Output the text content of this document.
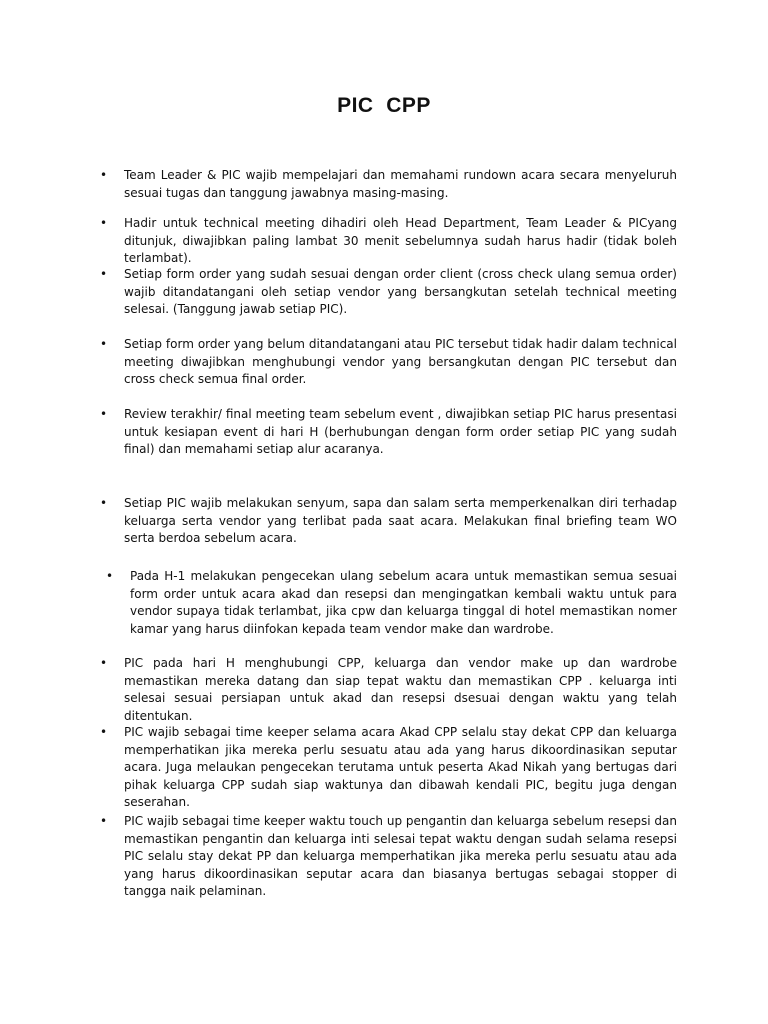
PIC  CPP
• Team Leader & PIC wajib mempelajari dan memahami rundown acara secara menyeluruh sesuai tugas dan tanggung jawabnya masing-masing.
• Hadir untuk technical meeting dihadiri oleh Head Department, Team Leader & PICyang ditunjuk, diwajibkan paling lambat 30 menit sebelumnya sudah harus hadir (tidak boleh terlambat).
• Setiap form order yang sudah sesuai dengan order client (cross check ulang semua order) wajib ditandatangani oleh setiap vendor yang bersangkutan setelah technical meeting selesai. (Tanggung jawab setiap PIC).
• Setiap form order yang belum ditandatangani atau PIC tersebut tidak hadir dalam technical meeting diwajibkan menghubungi vendor yang bersangkutan dengan PIC tersebut dan cross check semua final order.
• Review terakhir/ final meeting team sebelum event , diwajibkan setiap PIC harus presentasi untuk kesiapan event di hari H (berhubungan dengan form order setiap PIC yang sudah final) dan memahami setiap alur acaranya.
• Setiap PIC wajib melakukan senyum, sapa dan salam serta memperkenalkan diri terhadap keluarga serta vendor yang terlibat pada saat acara. Melakukan final briefing team WO serta berdoa sebelum acara.
• Pada H-1 melakukan pengecekan ulang sebelum acara untuk memastikan semua sesuai form order untuk acara akad dan resepsi dan mengingatkan kembali waktu untuk para vendor supaya tidak terlambat, jika cpw dan keluarga tinggal di hotel memastikan nomer kamar yang harus diinfokan kepada team vendor make dan wardrobe.
• PIC pada hari H menghubungi CPP, keluarga dan vendor make up dan wardrobe memastikan mereka datang dan siap tepat waktu dan memastikan CPP . keluarga inti selesai sesuai persiapan untuk akad dan resepsi dsesuai dengan waktu yang telah ditentukan.
• PIC wajib sebagai time keeper selama acara Akad CPP selalu stay dekat CPP dan keluarga memperhatikan jika mereka perlu sesuatu atau ada yang harus dikoordinasikan seputar acara. Juga melaukan pengecekan terutama untuk peserta Akad Nikah yang bertugas dari pihak keluarga CPP sudah siap waktunya dan dibawah kendali PIC, begitu juga dengan seserahan.
• PIC wajib sebagai time keeper waktu touch up pengantin dan keluarga sebelum resepsi dan memastikan pengantin dan keluarga inti selesai tepat waktu dengan sudah selama resepsi PIC selalu stay dekat PP dan keluarga memperhatikan jika mereka perlu sesuatu atau ada yang harus dikoordinasikan seputar acara dan biasanya bertugas sebagai stopper di tangga naik pelaminan.
